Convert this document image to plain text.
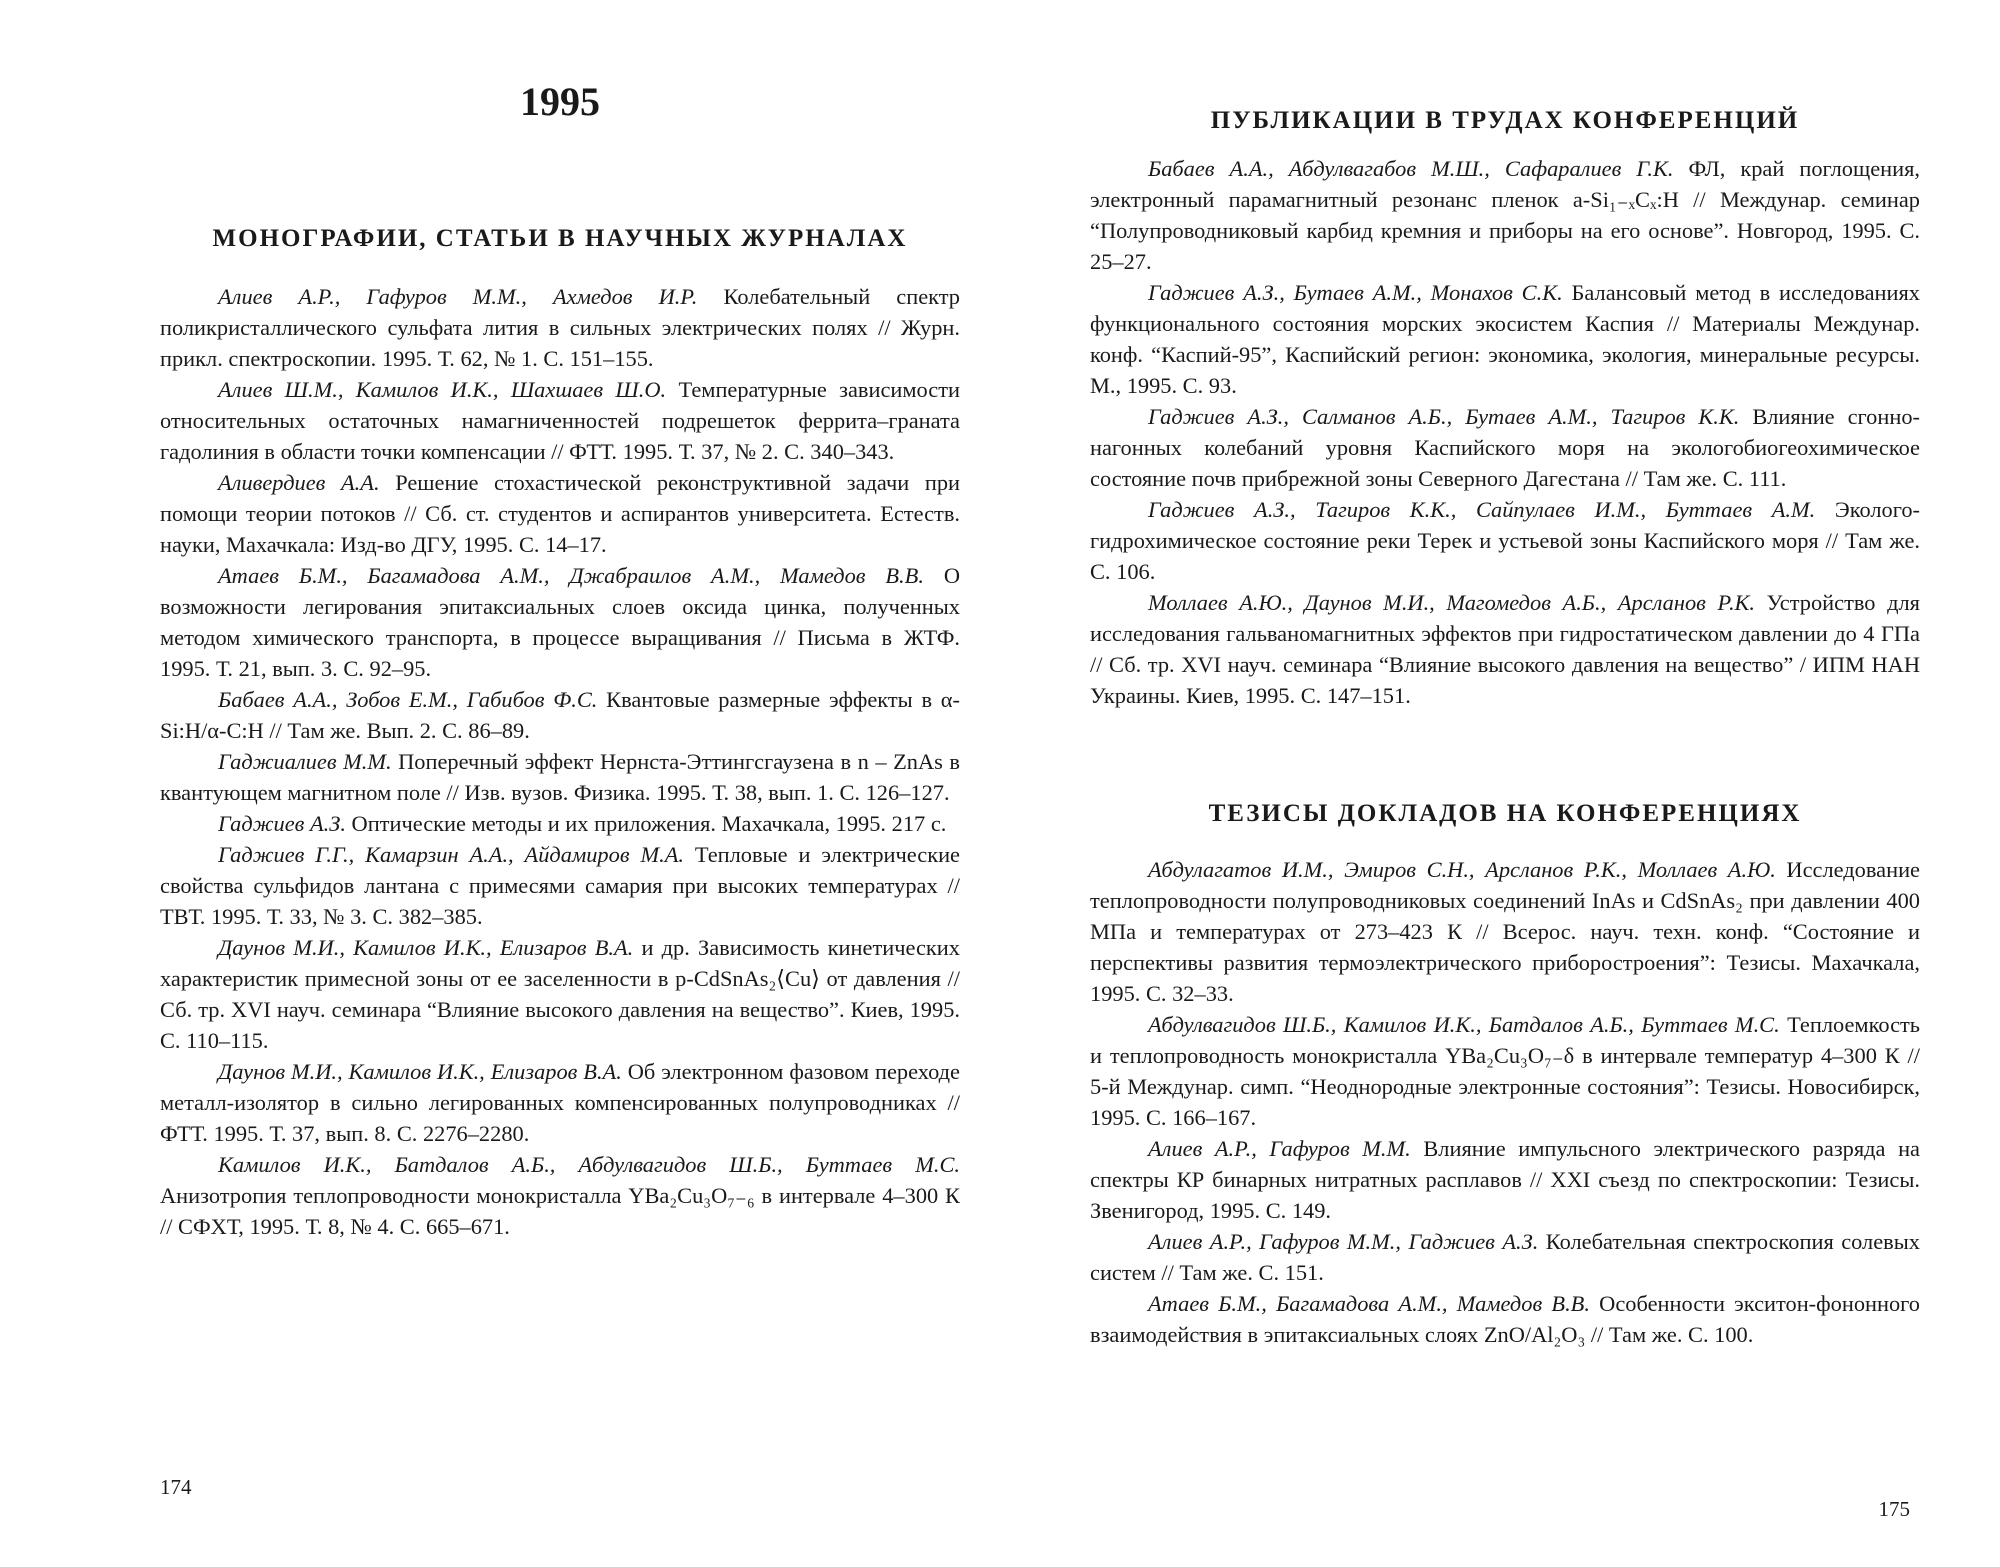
1995
МОНОГРАФИИ, СТАТЬИ В НАУЧНЫХ ЖУРНАЛАХ

Алиев А.Р., Гафуров М.М., Ахмедов И.Р. Колебательный спектр поликристаллического сульфата лития в сильных электрических полях // Журн. прикл. спектроскопии. 1995. Т. 62, № 1. С. 151–155.

Алиев Ш.М., Камилов И.К., Шахшаев Ш.О. Температурные зависимости относительных остаточных намагниченностей подрешеток феррита–граната гадолиния в области точки компенсации // ФТТ. 1995. Т. 37, № 2. С. 340–343.

Аливердиев А.А. Решение стохастической реконструктивной задачи при помощи теории потоков // Сб. ст. студентов и аспирантов университета. Естеств. науки, Махачкала: Изд-во ДГУ, 1995. С. 14–17.

Атаев Б.М., Багамадова А.М., Джабраилов А.М., Мамедов В.В. О возможности легирования эпитаксиальных слоев оксида цинка, полученных методом химического транспорта, в процессе выращивания // Письма в ЖТФ. 1995. Т. 21, вып. 3. С. 92–95.

Бабаев А.А., Зобов Е.М., Габибов Ф.С. Квантовые размерные эффекты в α-Si:H/α-C:H // Там же. Вып. 2. С. 86–89.

Гаджиалиев М.М. Поперечный эффект Нернста-Эттингсгаузена в n – ZnAs в квантующем магнитном поле // Изв. вузов. Физика. 1995. Т. 38, вып. 1. С. 126–127.

Гаджиев А.З. Оптические методы и их приложения. Махачкала, 1995. 217 с.

Гаджиев Г.Г., Камарзин А.А., Айдамиров М.А. Тепловые и электрические свойства сульфидов лантана с примесями самария при высоких температурах // ТВТ. 1995. Т. 33, № 3. С. 382–385.

Даунов М.И., Камилов И.К., Елизаров В.А. и др. Зависимость кинетических характеристик примесной зоны от ее заселенности в p-CdSnAs₂⟨Cu⟩ от давления // Сб. тр. XVI науч. семинара “Влияние высокого давления на вещество”. Киев, 1995. С. 110–115.

Даунов М.И., Камилов И.К., Елизаров В.А. Об электронном фазовом переходе металл-изолятор в сильно легированных компенсированных полупроводниках // ФТТ. 1995. Т. 37, вып. 8. С. 2276–2280.

Камилов И.К., Батдалов А.Б., Абдулвагидов Ш.Б., Буттаев М.С. Анизотропия теплопроводности монокристалла YBa₂Cu₃O₇₋₆ в интервале 4–300 К // СФХТ, 1995. Т. 8, № 4. С. 665–671.

174
ПУБЛИКАЦИИ В ТРУДАХ КОНФЕРЕНЦИЙ

Бабаев А.А., Абдулвагабов М.Ш., Сафаралиев Г.К. ФЛ, край поглощения, электронный парамагнитный резонанс пленок a-Si₁₋ₓCₓ:H // Междунар. семинар “Полупроводниковый карбид кремния и приборы на его основе”. Новгород, 1995. С. 25–27.

Гаджиев А.З., Бутаев А.М., Монахов С.К. Балансовый метод в исследованиях функционального состояния морских экосистем Каспия // Материалы Междунар. конф. “Каспий-95”, Каспийский регион: экономика, экология, минеральные ресурсы. М., 1995. С. 93.

Гаджиев А.З., Салманов А.Б., Бутаев А.М., Тагиров К.К. Влияние сгонно- нагонных колебаний уровня Каспийского моря на экологобиогеохимическое состояние почв прибрежной зоны Северного Дагестана // Там же. С. 111.

Гаджиев А.З., Тагиров К.К., Сайпулаев И.М., Буттаев А.М. Эколого- гидрохимическое состояние реки Терек и устьевой зоны Каспийского моря // Там же. С. 106.

Моллаев А.Ю., Даунов М.И., Магомедов А.Б., Арсланов Р.К. Устройство для исследования гальваномагнитных эффектов при гидростатическом давлении до 4 ГПа // Сб. тр. XVI науч. семинара “Влияние высокого давления на вещество” / ИПМ НАН Украины. Киев, 1995. С. 147–151.

ТЕЗИСЫ ДОКЛАДОВ НА КОНФЕРЕНЦИЯХ

Абдулагатов И.М., Эмиров С.Н., Арсланов Р.К., Моллаев А.Ю. Исследование теплопроводности полупроводниковых соединений InAs и CdSnAs₂ при давлении 400 МПа и температурах от 273–423 К // Всерос. науч. техн. конф. “Состояние и перспективы развития термоэлектрического приборостроения”: Тезисы. Махачкала, 1995. С. 32–33.

Абдулвагидов Ш.Б., Камилов И.К., Батдалов А.Б., Буттаев М.С. Теплоемкость и теплопроводность монокристалла YBa₂Cu₃O₇₋δ в интервале температур 4–300 К // 5-й Междунар. симп. “Неоднородные электронные состояния”: Тезисы. Новосибирск, 1995. С. 166–167.

Алиев А.Р., Гафуров М.М. Влияние импульсного электрического разряда на спектры КР бинарных нитратных расплавов // XXI съезд по спектроскопии: Тезисы. Звенигород, 1995. С. 149.

Алиев А.Р., Гафуров М.М., Гаджиев А.З. Колебательная спектроскопия солевых систем // Там же. С. 151.

Атаев Б.М., Багамадова А.М., Мамедов В.В. Особенности экситон-фононного взаимодействия в эпитаксиальных слоях ZnO/Al₂O₃ // Там же. С. 100.

175
